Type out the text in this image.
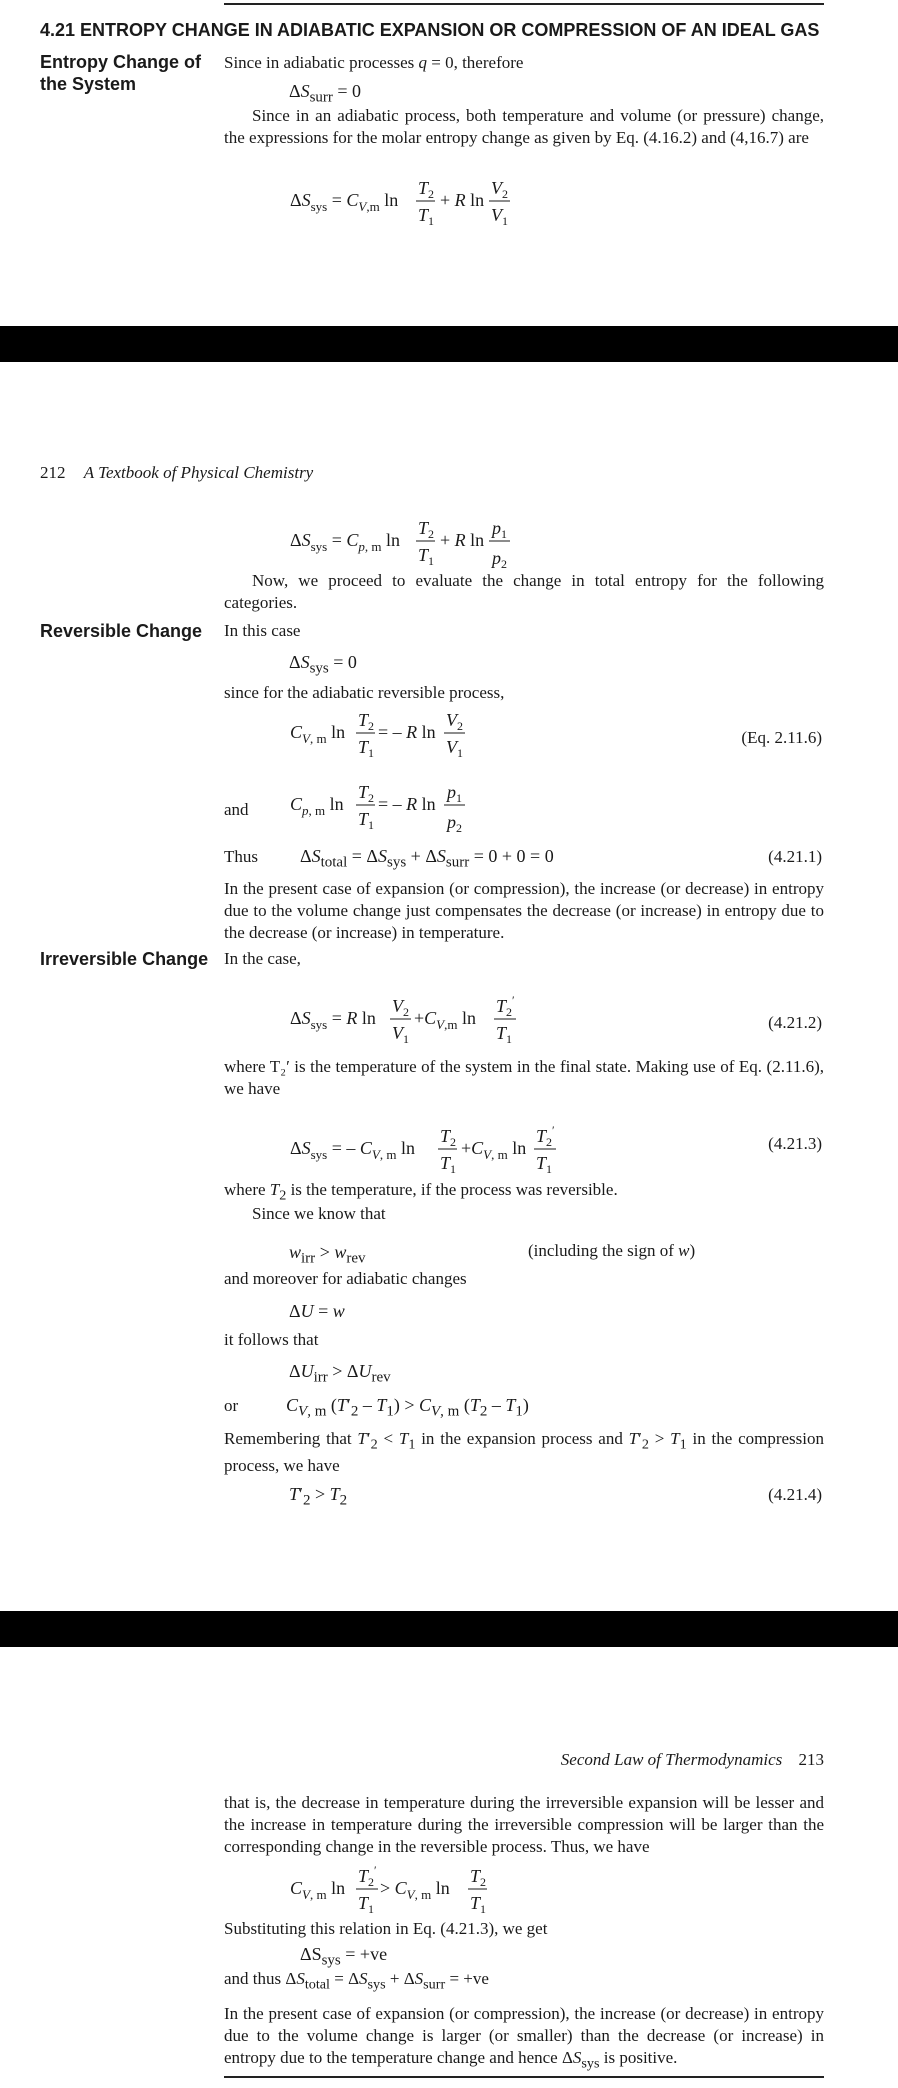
4.21 ENTROPY CHANGE IN ADIABATIC EXPANSION OR COMPRESSION OF AN IDEAL GAS
Entropy Change of the System
Since in adiabatic processes q = 0, therefore
$\Delta S_{surr} = 0$
Since in an adiabatic process, both temperature and volume (or pressure) change, the expressions for the molar entropy change as given by Eq. (4.16.2) and (4,16.7) are
$\Delta S_{sys} = C_V,m$ ln
$T_2$
$T_1$
+ R ln
$V_2$
$V_1$
212 A Textbook of Physical Chemistry
$\Delta S_{sys} = C_p$, m ln
$T_2$
$T_1$
+ R ln
$p_1$
$p_2$
Now, we proceed to evaluate the change in total entropy for the following categories.
Reversible Change In this case
$\Delta S_{sys} = 0$
since for the adiabatic reversible process,
$C_V$, m ln
$T_2$
$T_1$
= – R ln
$V_2$
$V_1$
(Eq. 2.11.6)
and $C_p$, m ln
$T_2$
$T_1$
= – R ln
$p_1$
$p_2$
Thus $\Delta S_{total} = \Delta S_{sys} + \Delta S_{surr} = 0 + 0 = 0$	(4.21.1)
In the present case of expansion (or compression), the increase (or decrease) in entropy due to the volume change just compensates the decrease (or increase) in entropy due to the decrease (or increase) in temperature.
Irreversible Change In the case,
$\Delta S_{sys} = R$ ln
$V_2$
$V_1$
$+C_V,m$ ln
$T_2'$
$T_1$
(4.21.2)
where T₂′ is the temperature of the system in the final state. Making use of Eq. (2.11.6), we have
$\Delta S_{sys}$ = – $C_V$, m ln
$T_2$
$T_1$
$+C_V$, m ln
$T_2'$
$T_1$
(4.21.3)
where $T_2$ is the temperature, if the process was reversible.
Since we know that
$w_{irr} > w_{rev}$	(including the sign of w)
and moreover for adiabatic changes
ΔU = w
it follows that
$\Delta U_{irr} > \Delta U_{rev}$
or	$C_{V, m}$ $(T'_2 - T_1) > C_{V, m}$ $(T_2 - T_1)$
Remembering that $T'_2 < T_1$ in the expansion process and $T'_2 > T_1$ in the compression process, we have
$T'_2 > T_2$	(4.21.4)
Second Law of Thermodynamics 213
that is, the decrease in temperature during the irreversible expansion will be lesser and the increase in temperature during the irreversible compression will be larger than the corresponding change in the reversible process. Thus, we have
$C_V$, m ln
$T_2'$
$T_1$
> $C_V$, m ln
$T_2$
$T_1$
Substituting this relation in Eq. (4.21.3), we get
$\Delta S_{sys} = +ve$
and thus $\Delta S_{total} = \Delta S_{sys} + \Delta S_{surr} = +ve$
In the present case of expansion (or compression), the increase (or decrease) in entropy due to the volume change is larger (or smaller) than the decrease (or increase) in entropy due to the temperature change and hence $\Delta S_{sys}$ is positive.
